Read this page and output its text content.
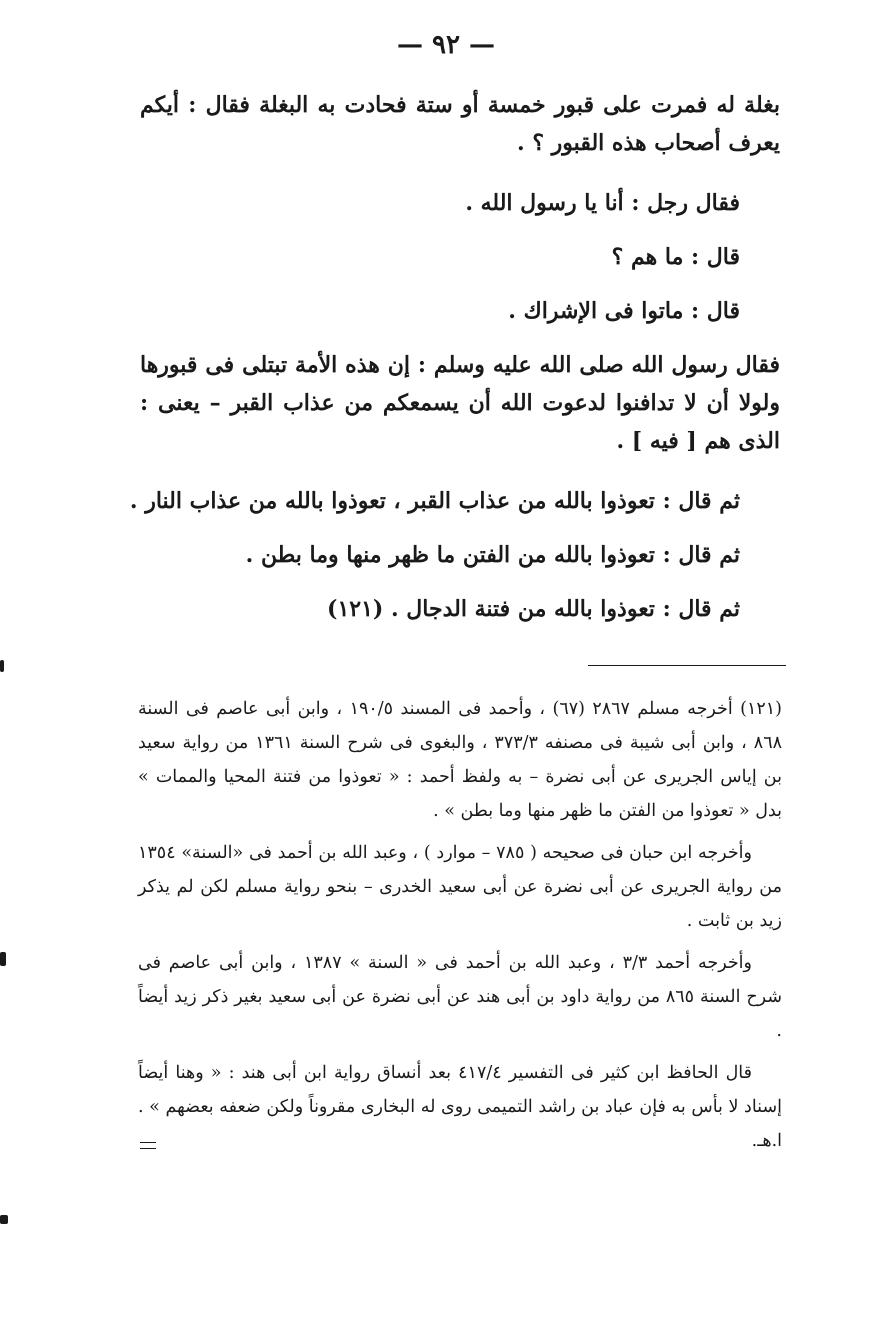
— ٩٢ —

بغلة له فمرت على قبور خمسة أو ستة فحادت به البغلة فقال : أيكم يعرف أصحاب هذه القبور ؟ .

فقال رجل : أنا يا رسول الله .

قال : ما هم ؟

قال : ماتوا فى الإشراك .

فقال رسول الله صلى الله عليه وسلم : إن هذه الأمة تبتلى فى قبورها ولولا أن لا تدافنوا لدعوت الله أن يسمعكم من عذاب القبر – يعنى : الذى هم [ فيه ] .

ثم قال : تعوذوا بالله من عذاب القبر ، تعوذوا بالله من عذاب النار .

ثم قال : تعوذوا بالله من الفتن ما ظهر منها وما بطن .

ثم قال : تعوذوا بالله من فتنة الدجال . (١٢١)

(١٢١) أخرجه مسلم ٢٨٦٧ (٦٧) ، وأحمد فى المسند ١٩٠/٥ ، وابن أبى عاصم فى السنة ٨٦٨ ، وابن أبى شيبة فى مصنفه ٣٧٣/٣ ، والبغوى فى شرح السنة ١٣٦١ من رواية سعيد بن إياس الجريرى عن أبى نضرة – به ولفظ أحمد : « تعوذوا من فتنة المحيا والممات » بدل « تعوذوا من الفتن ما ظهر منها وما بطن » .

وأخرجه ابن حبان فى صحيحه ( ٧٨٥ – موارد ) ، وعبد الله بن أحمد فى «السنة» ١٣٥٤ من رواية الجريرى عن أبى نضرة عن أبى سعيد الخدرى – بنحو رواية مسلم لكن لم يذكر زيد بن ثابت .

وأخرجه أحمد ٣/٣ ، وعبد الله بن أحمد فى « السنة » ١٣٨٧ ، وابن أبى عاصم فى شرح السنة ٨٦٥ من رواية داود بن أبى هند عن أبى نضرة عن أبى سعيد بغير ذكر زيد أيضاً .

قال الحافظ ابن كثير فى التفسير ٤١٧/٤ بعد أنساق رواية ابن أبى هند : « وهنا أيضاً إسناد لا بأس به فإن عباد بن راشد التميمى روى له البخارى مقروناً ولكن ضعفه بعضهم » . ا.هـ.
